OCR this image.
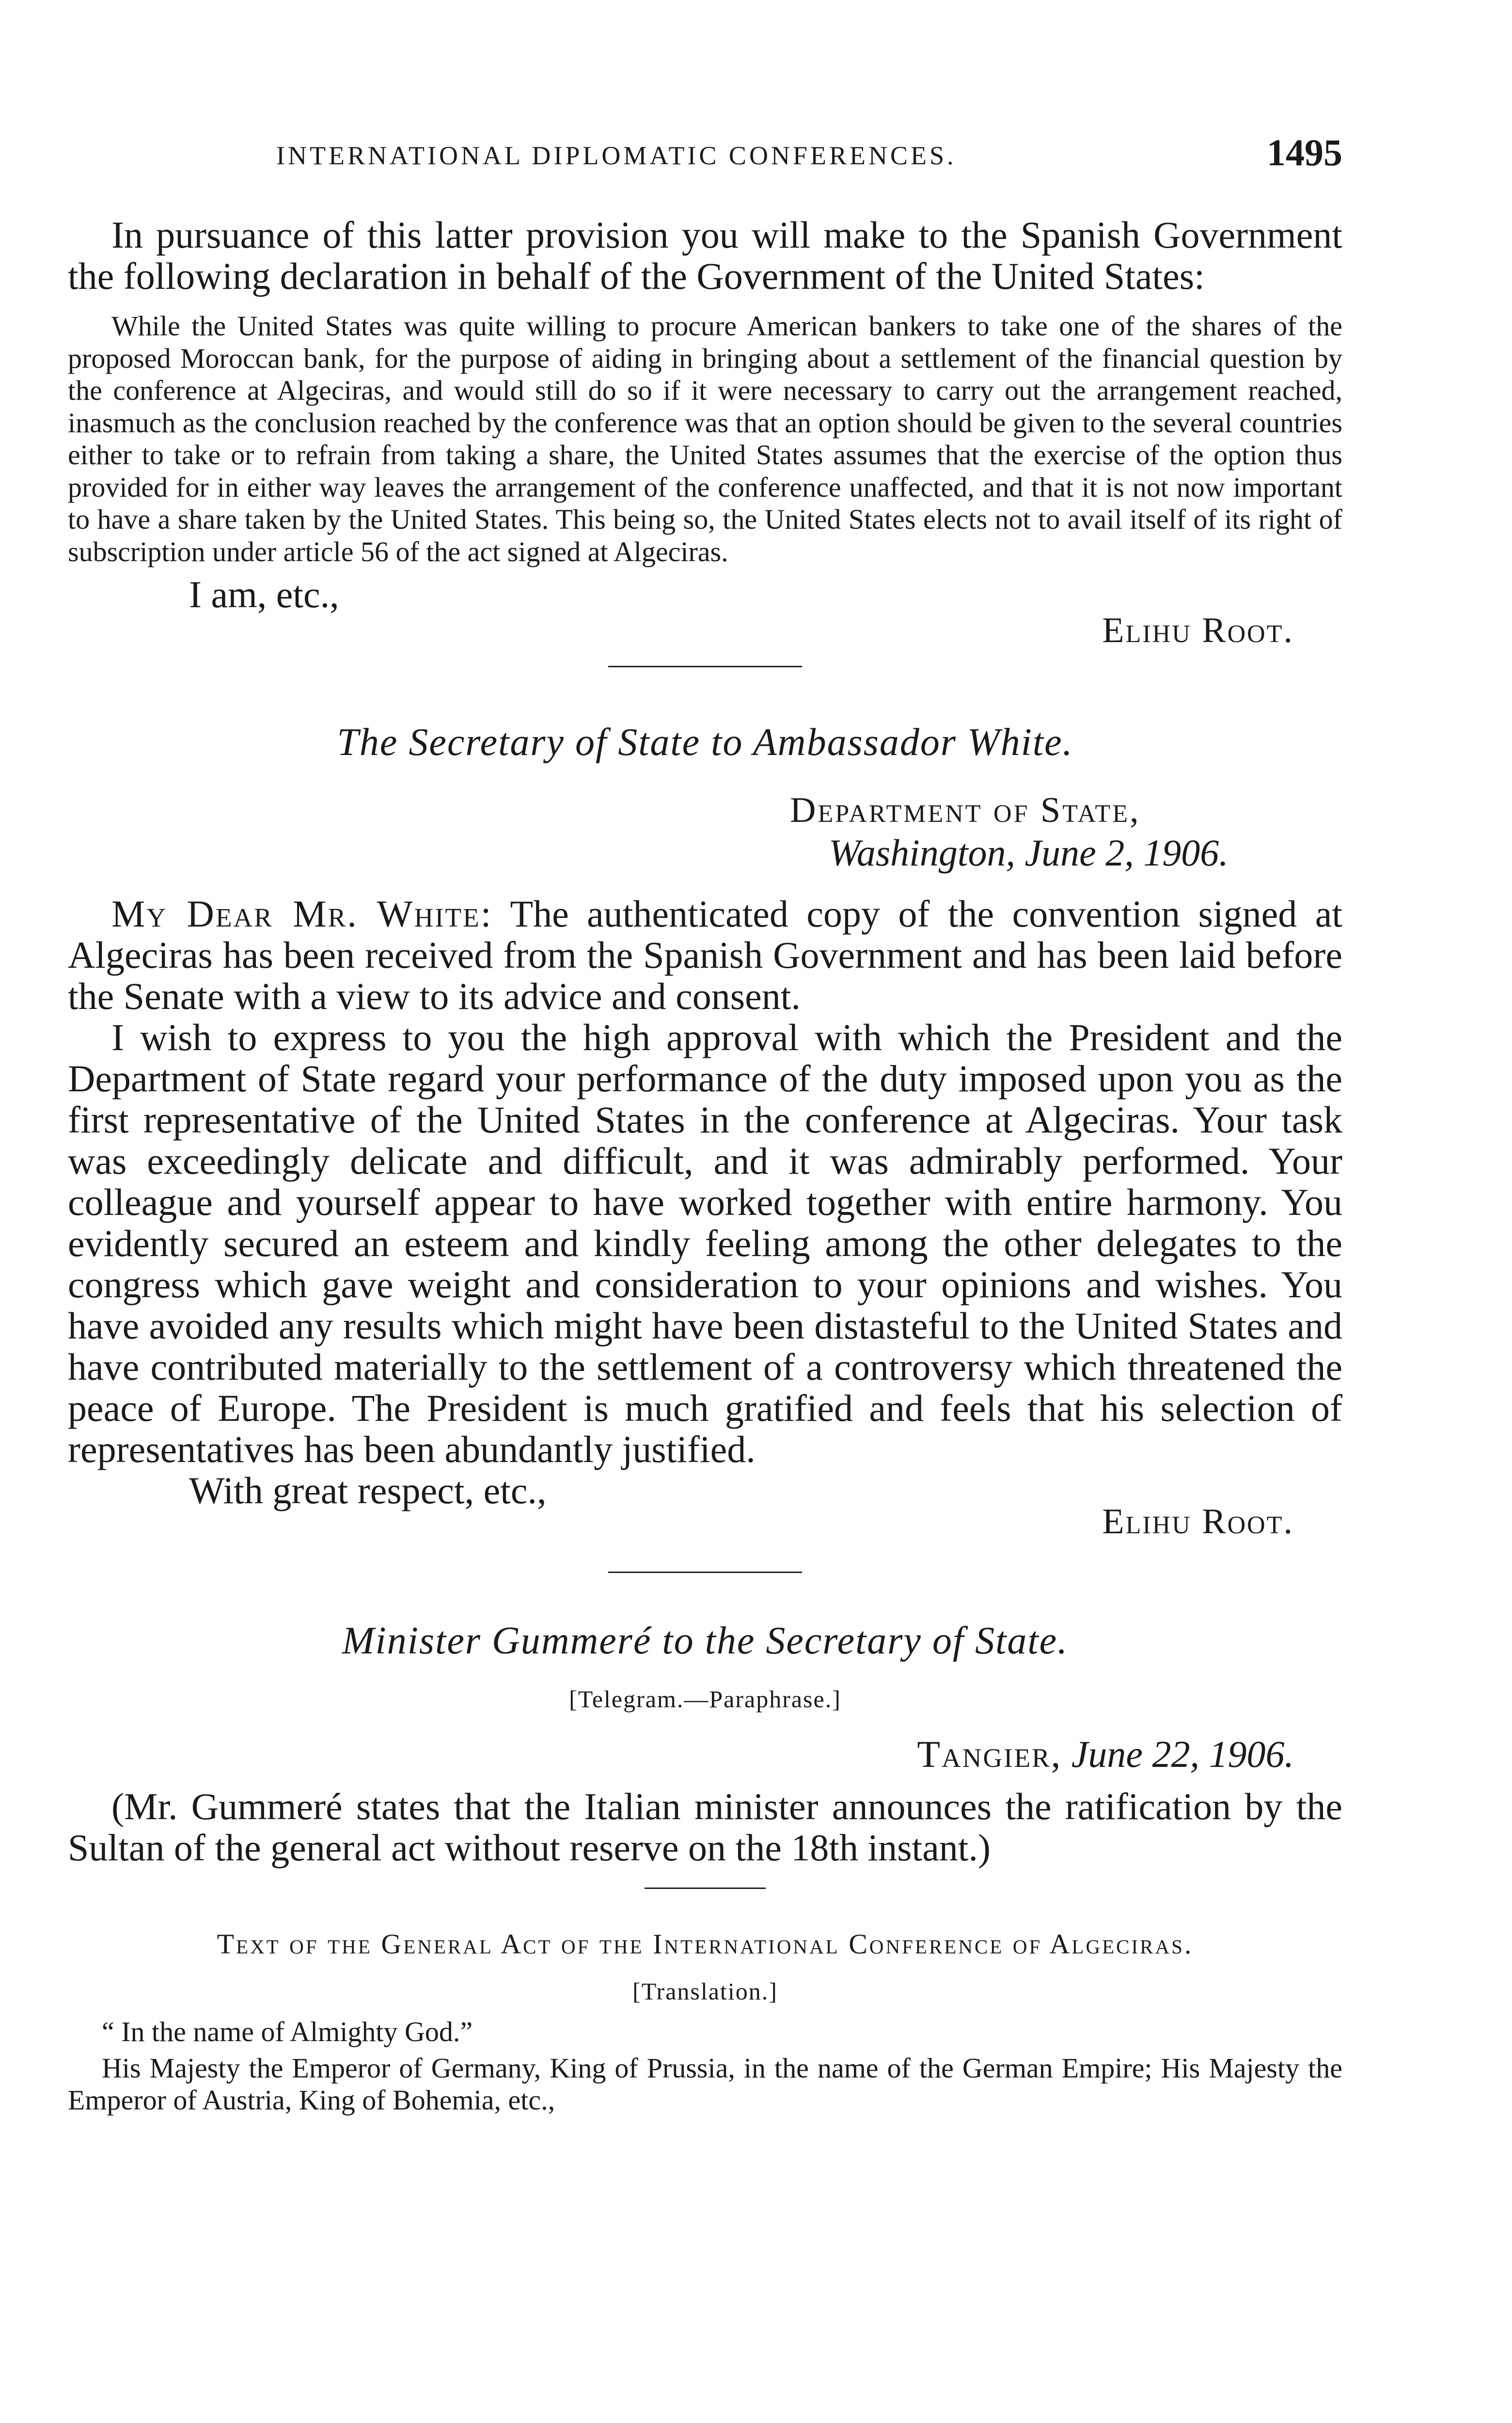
INTERNATIONAL DIPLOMATIC CONFERENCES.	1495

In pursuance of this latter provision you will make to the Spanish Government the following declaration in behalf of the Government of the United States:

While the United States was quite willing to procure American bankers to take one of the shares of the proposed Moroccan bank, for the purpose of aiding in bringing about a settlement of the financial question by the conference at Algeciras, and would still do so if it were necessary to carry out the arrangement reached, inasmuch as the conclusion reached by the conference was that an option should be given to the several countries either to take or to refrain from taking a share, the United States assumes that the exercise of the option thus provided for in either way leaves the arrangement of the conference unaffected, and that it is not now important to have a share taken by the United States. This being so, the United States elects not to avail itself of its right of subscription under article 56 of the act signed at Algeciras.

I am, etc.,
Elihu Root.
The Secretary of State to Ambassador White.
Department of State,
Washington, June 2, 1906.

My Dear Mr. White: The authenticated copy of the convention signed at Algeciras has been received from the Spanish Government and has been laid before the Senate with a view to its advice and consent.

I wish to express to you the high approval with which the President and the Department of State regard your performance of the duty imposed upon you as the first representative of the United States in the conference at Algeciras. Your task was exceedingly delicate and difficult, and it was admirably performed. Your colleague and yourself appear to have worked together with entire harmony. You evidently secured an esteem and kindly feeling among the other delegates to the congress which gave weight and consideration to your opinions and wishes. You have avoided any results which might have been distasteful to the United States and have contributed materially to the settlement of a controversy which threatened the peace of Europe. The President is much gratified and feels that his selection of representatives has been abundantly justified.

With great respect, etc.,
Elihu Root.
Minister Gummeré to the Secretary of State.
[Telegram.—Paraphrase.]
Tangier, June 22, 1906.

(Mr. Gummeré states that the Italian minister announces the ratification by the Sultan of the general act without reserve on the 18th instant.)

Text of the General Act of the International Conference of Algeciras.
[Translation.]

“ In the name of Almighty God.”

His Majesty the Emperor of Germany, King of Prussia, in the name of the German Empire; His Majesty the Emperor of Austria, King of Bohemia, etc.,
